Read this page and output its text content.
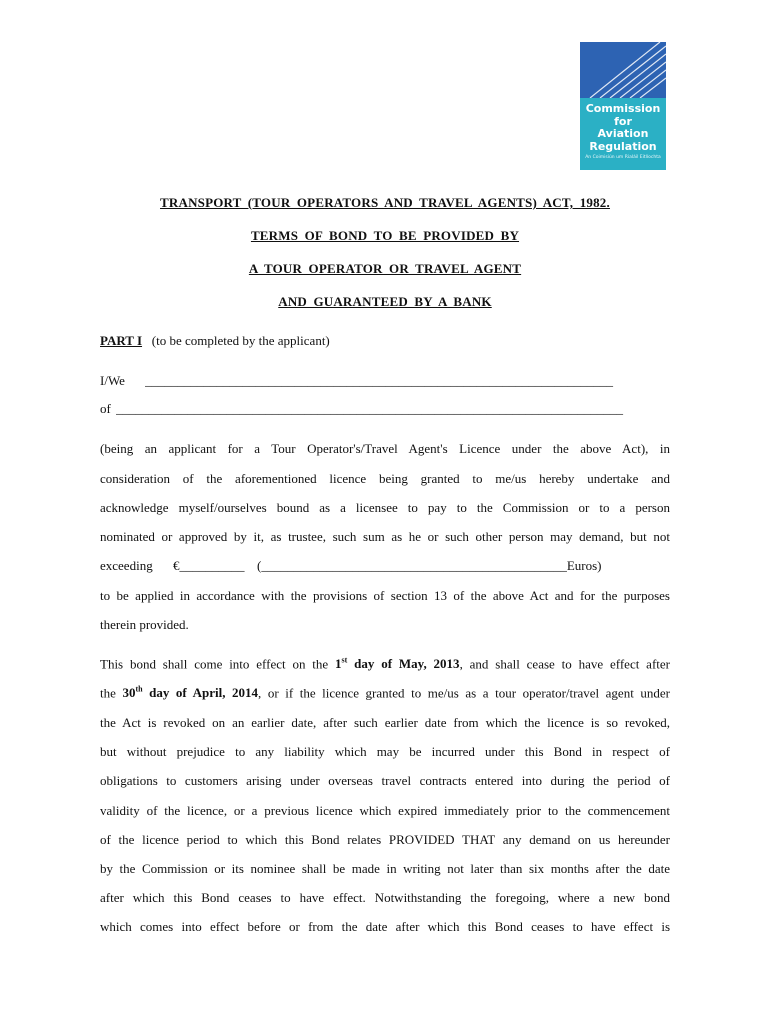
Commission
for
Aviation
Regulation
An Coimisiún um Rialáil Eitlíochta
TRANSPORT (TOUR OPERATORS AND TRAVEL AGENTS) ACT, 1982.
TERMS OF BOND TO BE PROVIDED BY
A TOUR OPERATOR OR TRAVEL AGENT
AND GUARANTEED BY A BANK
PART I (to be completed by the applicant)
I/We ________________________________________________________________________
of ______________________________________________________________________________
(being an applicant for a Tour Operator's/Travel Agent's Licence under the above Act), in
consideration of the aforementioned licence being granted to me/us hereby undertake and
acknowledge myself/ourselves bound as a licensee to pay to the Commission or to a person
nominated or approved by it, as trustee, such sum as he or such other person may demand, but not
exceeding €__________ (_______________________________________________Euros)
to be applied in accordance with the provisions of section 13 of the above Act and for the purposes
therein provided.
This bond shall come into effect on the 1st day of May, 2013, and shall cease to have effect after
the 30th day of April, 2014, or if the licence granted to me/us as a tour operator/travel agent under
the Act is revoked on an earlier date, after such earlier date from which the licence is so revoked,
but without prejudice to any liability which may be incurred under this Bond in respect of
obligations to customers arising under overseas travel contracts entered into during the period of
validity of the licence, or a previous licence which expired immediately prior to the commencement
of the licence period to which this Bond relates PROVIDED THAT any demand on us hereunder
by the Commission or its nominee shall be made in writing not later than six months after the date
after which this Bond ceases to have effect. Notwithstanding the foregoing, where a new bond
which comes into effect before or from the date after which this Bond ceases to have effect is
